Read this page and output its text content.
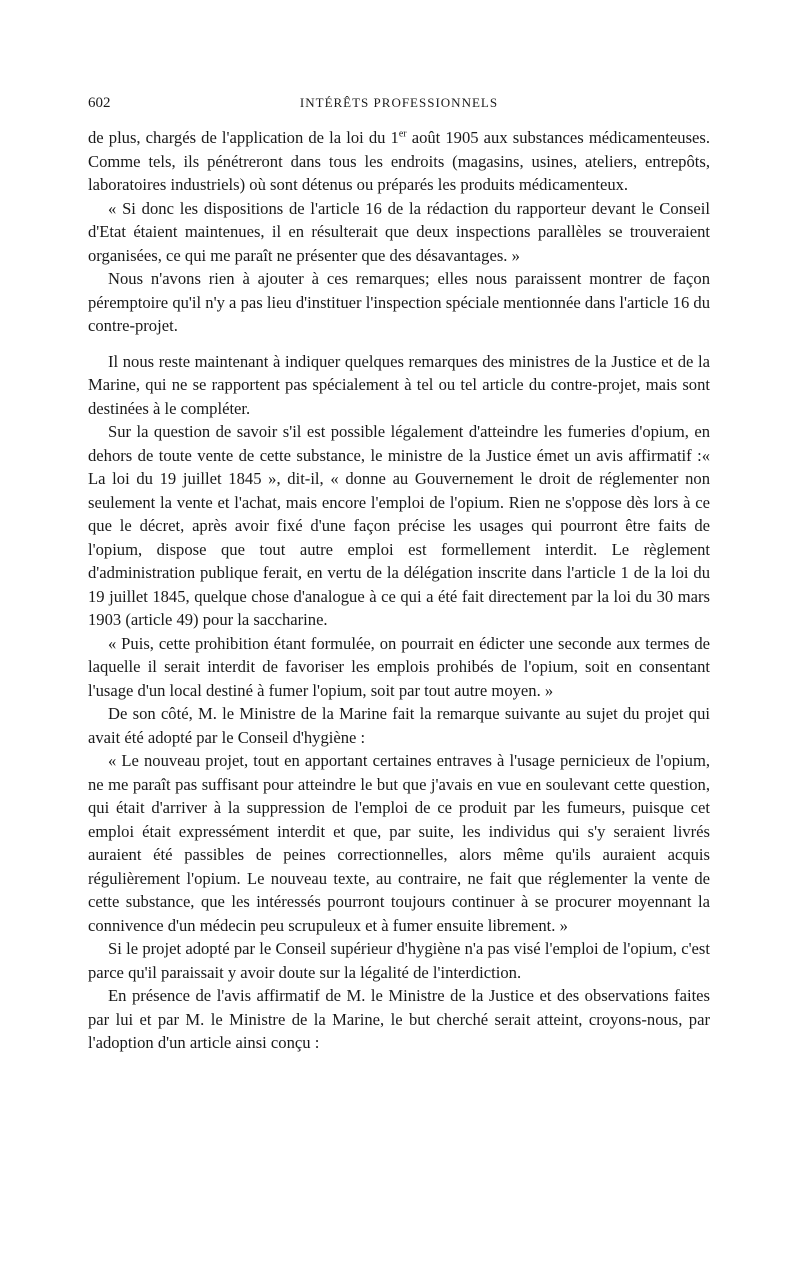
602	INTÉRÊTS PROFESSIONNELS

de plus, chargés de l'application de la loi du 1er août 1905 aux substances médicamenteuses. Comme tels, ils pénétreront dans tous les endroits (magasins, usines, ateliers, entrepôts, laboratoires industriels) où sont détenus ou préparés les produits médicamenteux.

« Si donc les dispositions de l'article 16 de la rédaction du rapporteur devant le Conseil d'Etat étaient maintenues, il en résulterait que deux inspections parallèles se trouveraient organisées, ce qui me paraît ne présenter que des désavantages. »

Nous n'avons rien à ajouter à ces remarques; elles nous paraissent montrer de façon péremptoire qu'il n'y a pas lieu d'instituer l'inspection spéciale mentionnée dans l'article 16 du contre-projet.

Il nous reste maintenant à indiquer quelques remarques des ministres de la Justice et de la Marine, qui ne se rapportent pas spécialement à tel ou tel article du contre-projet, mais sont destinées à le compléter.

Sur la question de savoir s'il est possible légalement d'atteindre les fumeries d'opium, en dehors de toute vente de cette substance, le ministre de la Justice émet un avis affirmatif :« La loi du 19 juillet 1845 », dit-il, « donne au Gouvernement le droit de réglementer non seulement la vente et l'achat, mais encore l'emploi de l'opium. Rien ne s'oppose dès lors à ce que le décret, après avoir fixé d'une façon précise les usages qui pourront être faits de l'opium, dispose que tout autre emploi est formellement interdit. Le règlement d'administration publique ferait, en vertu de la délégation inscrite dans l'article 1 de la loi du 19 juillet 1845, quelque chose d'analogue à ce qui a été fait directement par la loi du 30 mars 1903 (article 49) pour la saccharine.

« Puis, cette prohibition étant formulée, on pourrait en édicter une seconde aux termes de laquelle il serait interdit de favoriser les emplois prohibés de l'opium, soit en consentant l'usage d'un local destiné à fumer l'opium, soit par tout autre moyen. »

De son côté, M. le Ministre de la Marine fait la remarque suivante au sujet du projet qui avait été adopté par le Conseil d'hygiène :

« Le nouveau projet, tout en apportant certaines entraves à l'usage pernicieux de l'opium, ne me paraît pas suffisant pour atteindre le but que j'avais en vue en soulevant cette question, qui était d'arriver à la suppression de l'emploi de ce produit par les fumeurs, puisque cet emploi était expressément interdit et que, par suite, les individus qui s'y seraient livrés auraient été passibles de peines correctionnelles, alors même qu'ils auraient acquis régulièrement l'opium. Le nouveau texte, au contraire, ne fait que réglementer la vente de cette substance, que les intéressés pourront toujours continuer à se procurer moyennant la connivence d'un médecin peu scrupuleux et à fumer ensuite librement. »

Si le projet adopté par le Conseil supérieur d'hygiène n'a pas visé l'emploi de l'opium, c'est parce qu'il paraissait y avoir doute sur la légalité de l'interdiction.

En présence de l'avis affirmatif de M. le Ministre de la Justice et des observations faites par lui et par M. le Ministre de la Marine, le but cherché serait atteint, croyons-nous, par l'adoption d'un article ainsi conçu :
